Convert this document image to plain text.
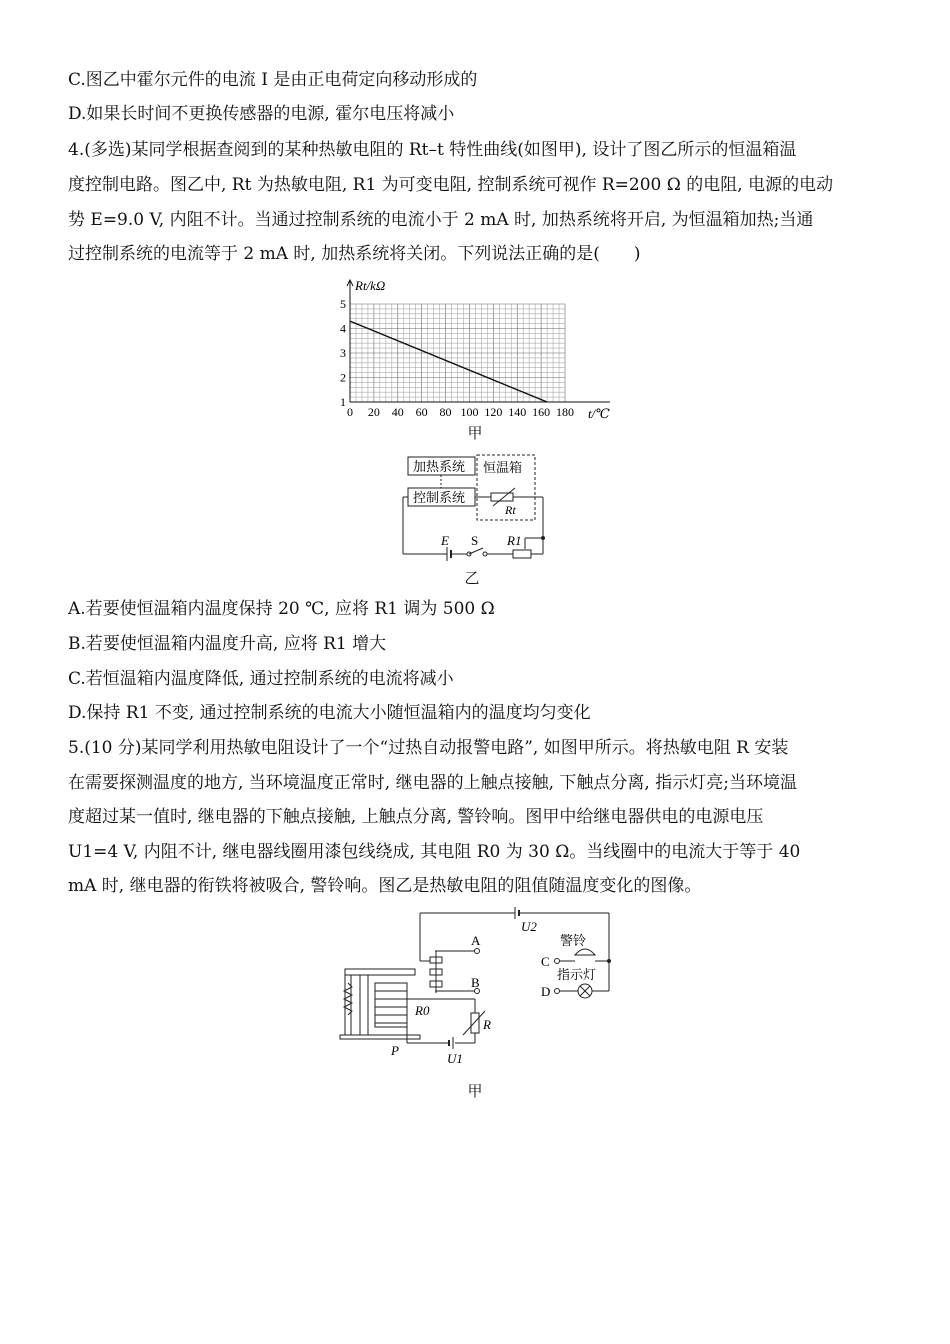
C.图乙中霍尔元件的电流 I 是由正电荷定向移动形成的
D.如果长时间不更换传感器的电源, 霍尔电压将减小
4.(多选)某同学根据查阅到的某种热敏电阻的 Rt–t 特性曲线(如图甲), 设计了图乙所示的恒温箱温
度控制电路。图乙中, Rt 为热敏电阻, R1 为可变电阻, 控制系统可视作 R=200 Ω 的电阻, 电源的电动
势 E=9.0 V, 内阻不计。当通过控制系统的电流小于 2 mA 时, 加热系统将开启, 为恒温箱加热;当通
过控制系统的电流等于 2 mA 时, 加热系统将关闭。下列说法正确的是(　　)
0 20 40 60 80 100 120 140 160 180
1
2
3
4
5
Rt/kΩ
t/℃
甲
加热系统
控制系统
恒温箱
E S R1
Rt
乙
A.若要使恒温箱内温度保持 20 ℃, 应将 R1 调为 500 Ω
B.若要使恒温箱内温度升高, 应将 R1 增大
C.若恒温箱内温度降低, 通过控制系统的电流将减小
D.保持 R1 不变, 通过控制系统的电流大小随恒温箱内的温度均匀变化
5.(10 分)某同学利用热敏电阻设计了一个“过热自动报警电路”, 如图甲所示。将热敏电阻 R 安装
在需要探测温度的地方, 当环境温度正常时, 继电器的上触点接触, 下触点分离, 指示灯亮;当环境温
度超过某一值时, 继电器的下触点接触, 上触点分离, 警铃响。图甲中给继电器供电的电源电压
U1=4 V, 内阻不计, 继电器线圈用漆包线绕成, 其电阻 R0 为 30 Ω。当线圈中的电流大于等于 40
mA 时, 继电器的衔铁将被吸合, 警铃响。图乙是热敏电阻的阻值随温度变化的图像。
U2
A
B
C
警铃
D
指示灯
P
R0
R
U1
甲
